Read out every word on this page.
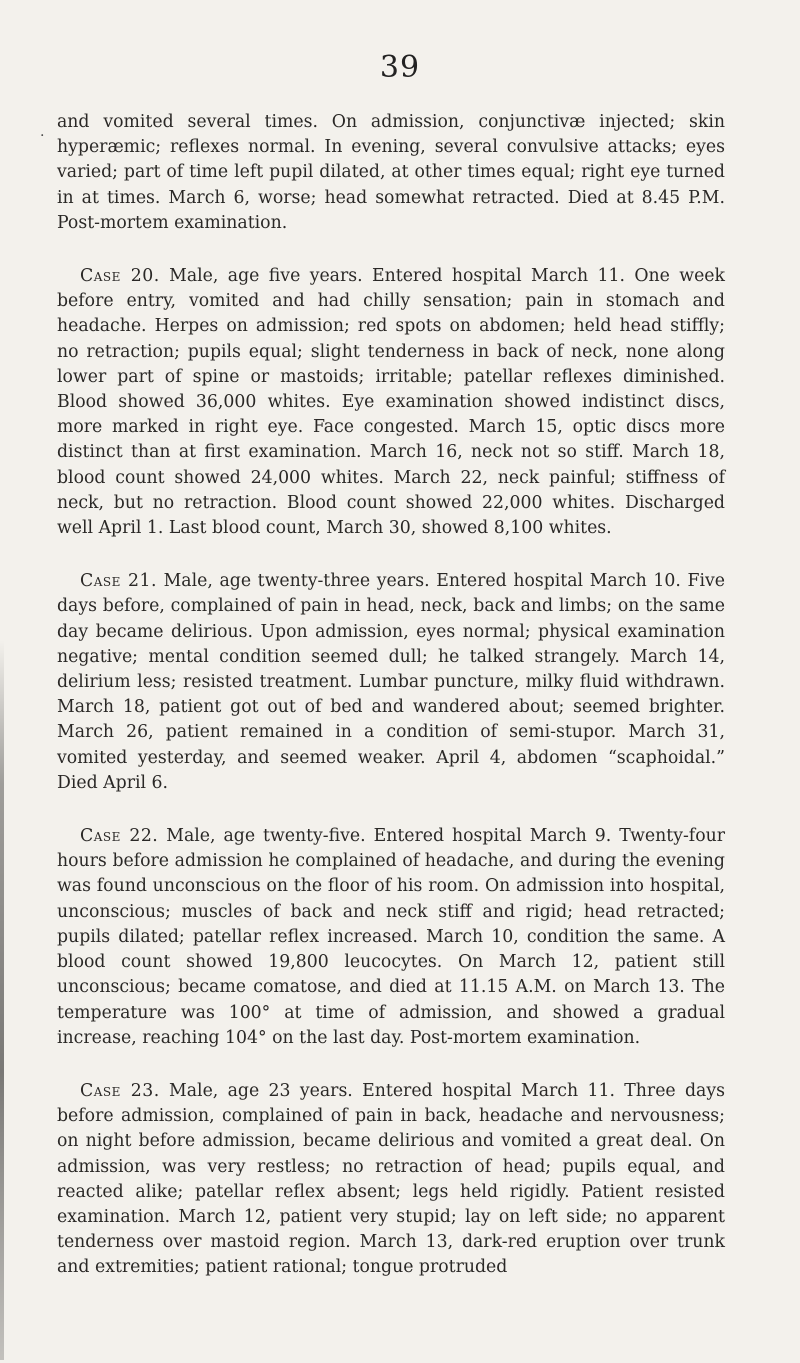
.
39

and vomited several times. On admission, conjunctivæ injected; skin hyperæmic; reflexes normal. In evening, several convulsive attacks; eyes varied; part of time left pupil dilated, at other times equal; right eye turned in at times. March 6, worse; head somewhat retracted. Died at 8.45 P.M. Post-mortem examination.

Case 20. Male, age five years. Entered hospital March 11. One week before entry, vomited and had chilly sensation; pain in stomach and headache. Herpes on admission; red spots on abdomen; held head stiffly; no retraction; pupils equal; slight tenderness in back of neck, none along lower part of spine or mastoids; irritable; patellar reflexes diminished. Blood showed 36,000 whites. Eye examination showed indistinct discs, more marked in right eye. Face congested. March 15, optic discs more distinct than at first examination. March 16, neck not so stiff. March 18, blood count showed 24,000 whites. March 22, neck painful; stiffness of neck, but no retraction. Blood count showed 22,000 whites. Discharged well April 1. Last blood count, March 30, showed 8,100 whites.

Case 21. Male, age twenty-three years. Entered hospital March 10. Five days before, complained of pain in head, neck, back and limbs; on the same day became delirious. Upon admission, eyes normal; physical examination negative; mental condition seemed dull; he talked strangely. March 14, delirium less; resisted treatment. Lumbar puncture, milky fluid withdrawn. March 18, patient got out of bed and wandered about; seemed brighter. March 26, patient remained in a condition of semi-stupor. March 31, vomited yesterday, and seemed weaker. April 4, abdomen “scaphoidal.” Died April 6.

Case 22. Male, age twenty-five. Entered hospital March 9. Twenty-four hours before admission he complained of headache, and during the evening was found unconscious on the floor of his room. On admission into hospital, unconscious; muscles of back and neck stiff and rigid; head retracted; pupils dilated; patellar reflex increased. March 10, condition the same. A blood count showed 19,800 leucocytes. On March 12, patient still unconscious; became comatose, and died at 11.15 A.M. on March 13. The temperature was 100° at time of admission, and showed a gradual increase, reaching 104° on the last day. Post-mortem examination.

Case 23. Male, age 23 years. Entered hospital March 11. Three days before admission, complained of pain in back, headache and nervousness; on night before admission, became delirious and vomited a great deal. On admission, was very restless; no retraction of head; pupils equal, and reacted alike; patellar reflex absent; legs held rigidly. Patient resisted examination. March 12, patient very stupid; lay on left side; no apparent tenderness over mastoid region. March 13, dark-red eruption over trunk and extremities; patient rational; tongue protruded
